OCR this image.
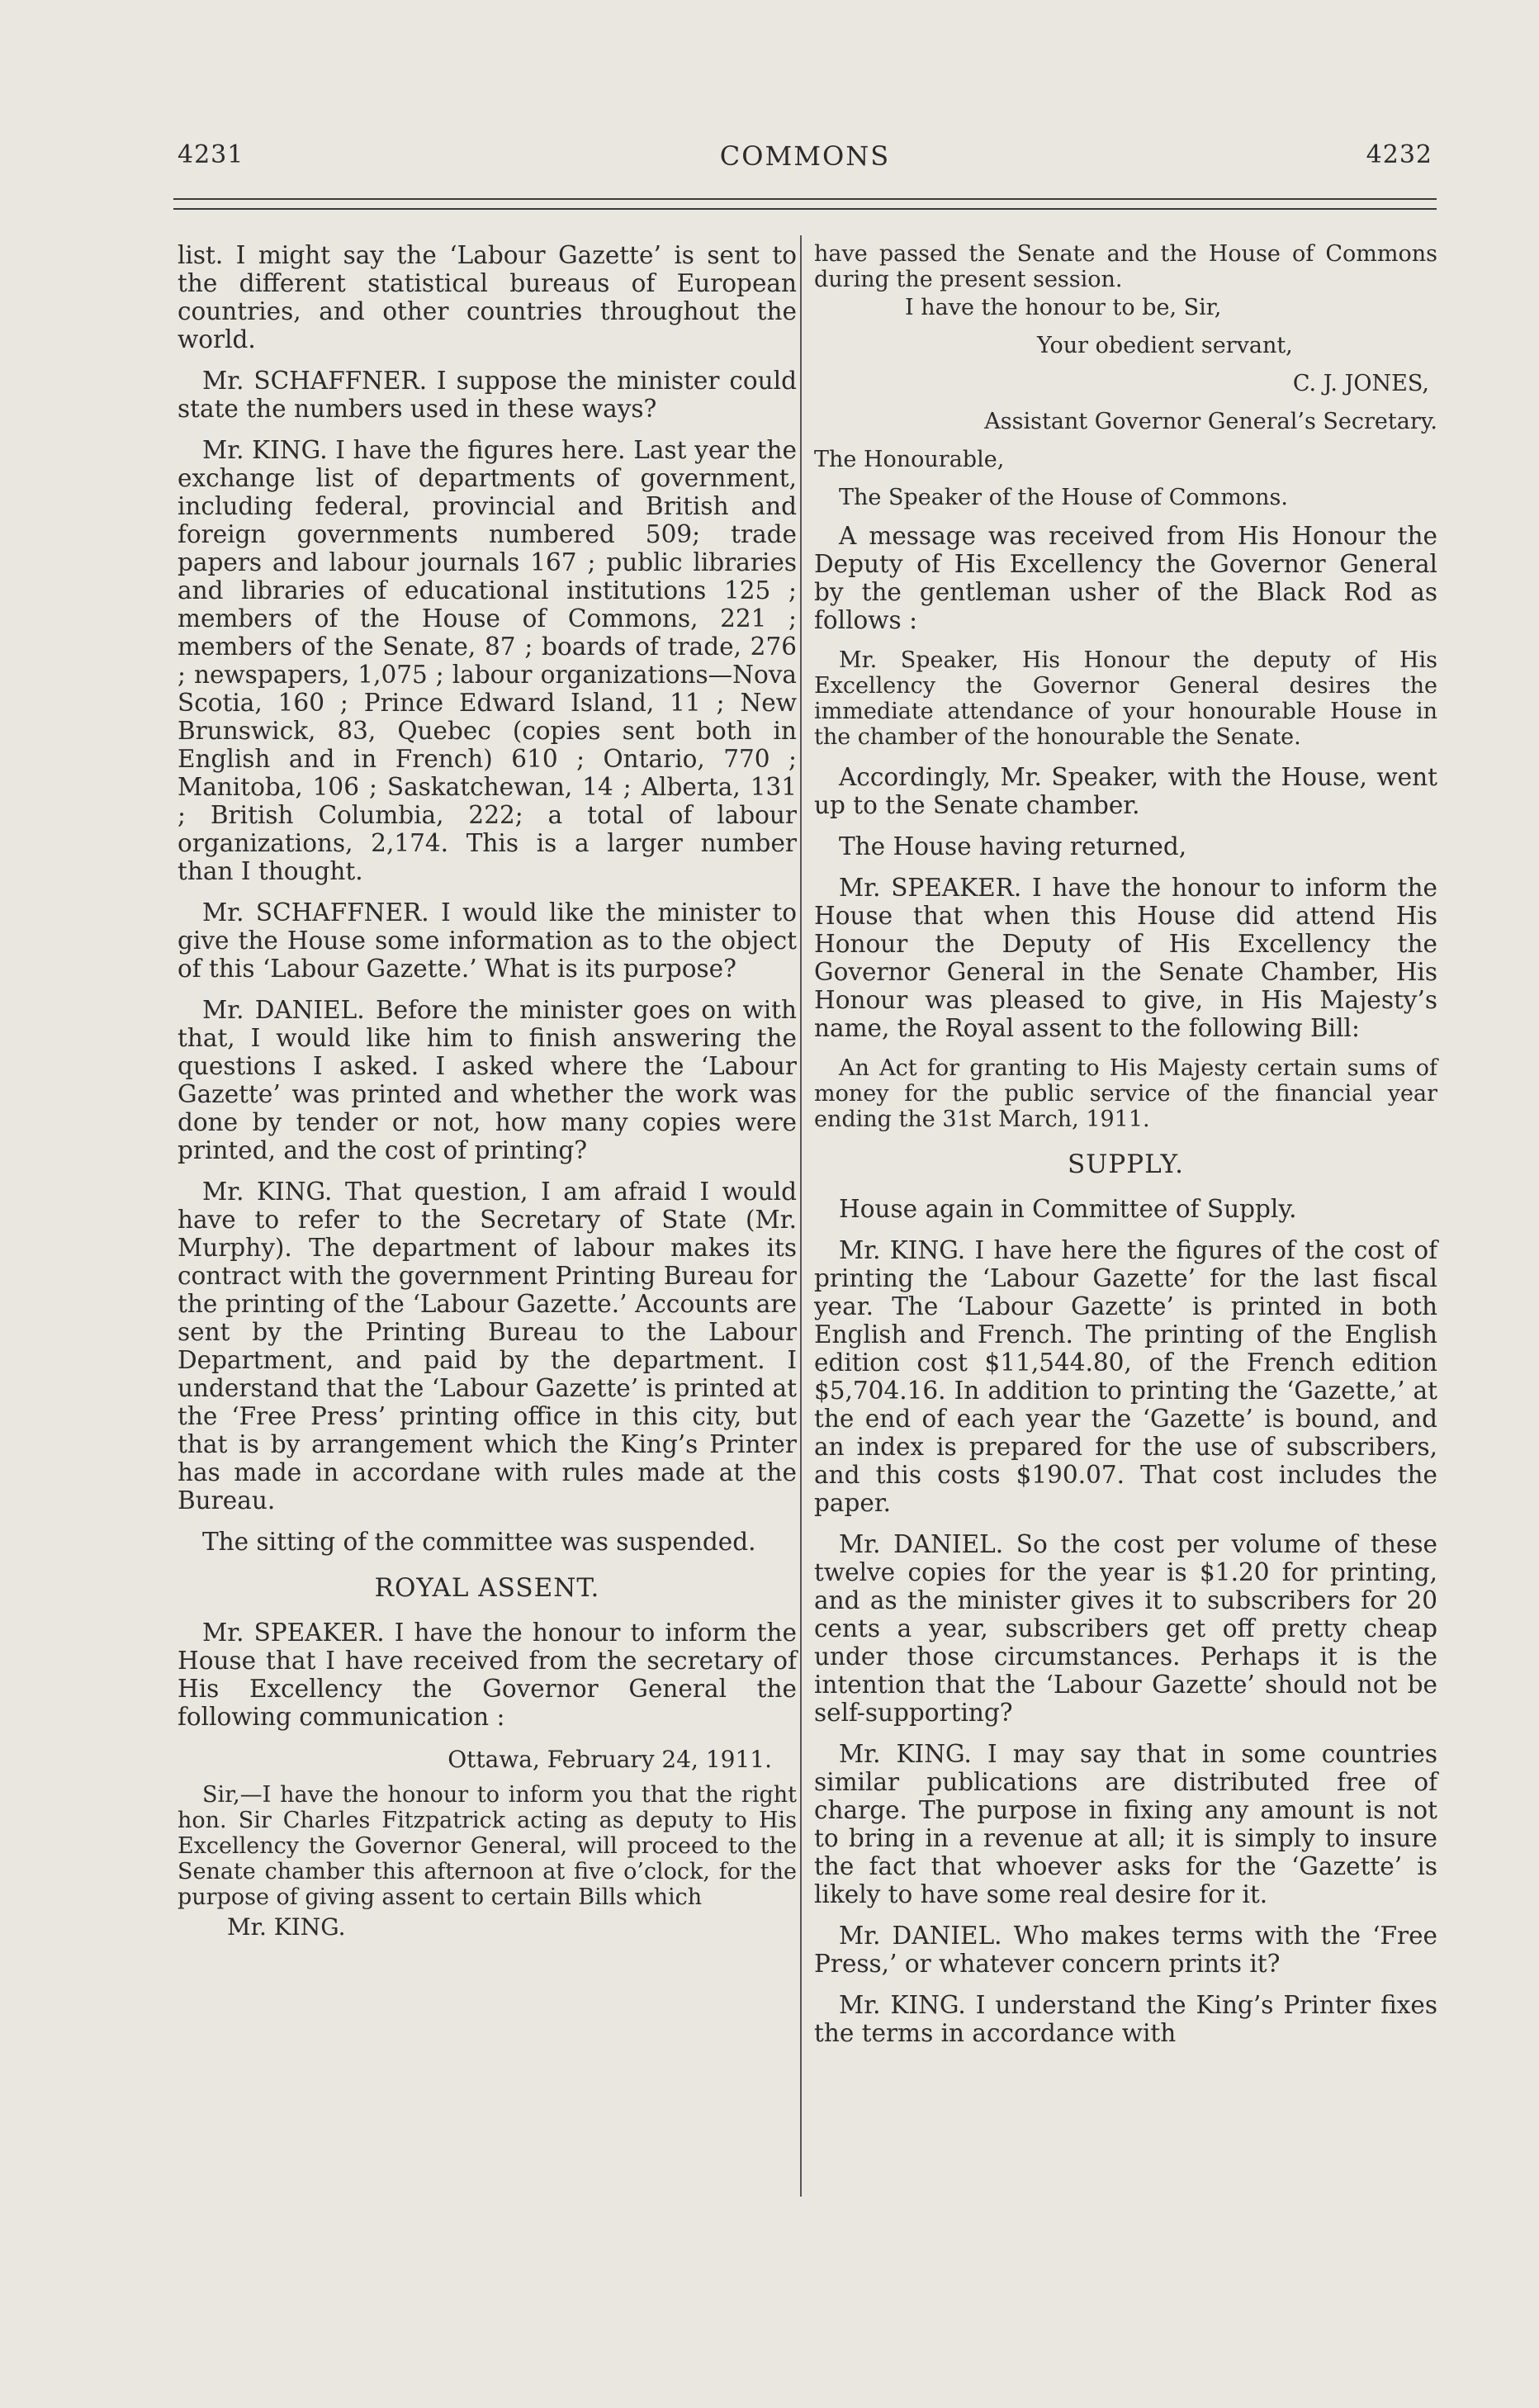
4231	COMMONS	4232

list. I might say the ‘Labour Gazette’ is sent to the different statistical bureaus of European countries, and other countries throughout the world.

Mr. SCHAFFNER. I suppose the minister could state the numbers used in these ways?

Mr. KING. I have the figures here. Last year the exchange list of departments of government, including federal, provincial and British and foreign governments numbered 509; trade papers and labour journals 167 ; public libraries and libraries of educational institutions 125 ; members of the House of Commons, 221 ; members of the Senate, 87 ; boards of trade, 276 ; newspapers, 1,075 ; labour organizations—Nova Scotia, 160 ; Prince Edward Island, 11 ; New Brunswick, 83, Quebec (copies sent both in English and in French) 610 ; Ontario, 770 ; Manitoba, 106 ; Saskatchewan, 14 ; Alberta, 131 ; British Columbia, 222; a total of labour organizations, 2,174. This is a larger number than I thought.

Mr. SCHAFFNER. I would like the minister to give the House some information as to the object of this ‘Labour Gazette.’ What is its purpose?

Mr. DANIEL. Before the minister goes on with that, I would like him to finish answering the questions I asked. I asked where the ‘Labour Gazette’ was printed and whether the work was done by tender or not, how many copies were printed, and the cost of printing?

Mr. KING. That question, I am afraid I would have to refer to the Secretary of State (Mr. Murphy). The department of labour makes its contract with the government Printing Bureau for the printing of the ‘Labour Gazette.’ Accounts are sent by the Printing Bureau to the Labour Department, and paid by the department. I understand that the ‘Labour Gazette’ is printed at the ‘Free Press’ printing office in this city, but that is by arrangement which the King’s Printer has made in accordane with rules made at the Bureau.

The sitting of the committee was suspended.

ROYAL ASSENT.

Mr. SPEAKER. I have the honour to inform the House that I have received from the secretary of His Excellency the Governor General the following communication :

Ottawa, February 24, 1911.

Sir,—I have the honour to inform you that the right hon. Sir Charles Fitzpatrick acting as deputy to His Excellency the Governor General, will proceed to the Senate chamber this afternoon at five o’clock, for the purpose of giving assent to certain Bills which

Mr. KING.

have passed the Senate and the House of Commons during the present session.

I have the honour to be, Sir,

Your obedient servant,

C. J. JONES,

Assistant Governor General’s Secretary.

The Honourable,

The Speaker of the House of Commons.

A message was received from His Honour the Deputy of His Excellency the Governor General by the gentleman usher of the Black Rod as follows :

Mr. Speaker, His Honour the deputy of His Excellency the Governor General desires the immediate attendance of your honourable House in the chamber of the honourable the Senate.

Accordingly, Mr. Speaker, with the House, went up to the Senate chamber.

The House having returned,

Mr. SPEAKER. I have the honour to inform the House that when this House did attend His Honour the Deputy of His Excellency the Governor General in the Senate Chamber, His Honour was pleased to give, in His Majesty’s name, the Royal assent to the following Bill:

An Act for granting to His Majesty certain sums of money for the public service of the financial year ending the 31st March, 1911.

SUPPLY.

House again in Committee of Supply.

Mr. KING. I have here the figures of the cost of printing the ‘Labour Gazette’ for the last fiscal year. The ‘Labour Gazette’ is printed in both English and French. The printing of the English edition cost $11,544.80, of the French edition $5,704.16. In addition to printing the ‘Gazette,’ at the end of each year the ‘Gazette’ is bound, and an index is prepared for the use of subscribers, and this costs $190.07. That cost includes the paper.

Mr. DANIEL. So the cost per volume of these twelve copies for the year is $1.20 for printing, and as the minister gives it to subscribers for 20 cents a year, subscribers get off pretty cheap under those circumstances. Perhaps it is the intention that the ‘Labour Gazette’ should not be self-supporting?

Mr. KING. I may say that in some countries similar publications are distributed free of charge. The purpose in fixing any amount is not to bring in a revenue at all; it is simply to insure the fact that whoever asks for the ‘Gazette’ is likely to have some real desire for it.

Mr. DANIEL. Who makes terms with the ‘Free Press,’ or whatever concern prints it?

Mr. KING. I understand the King’s Printer fixes the terms in accordance with
